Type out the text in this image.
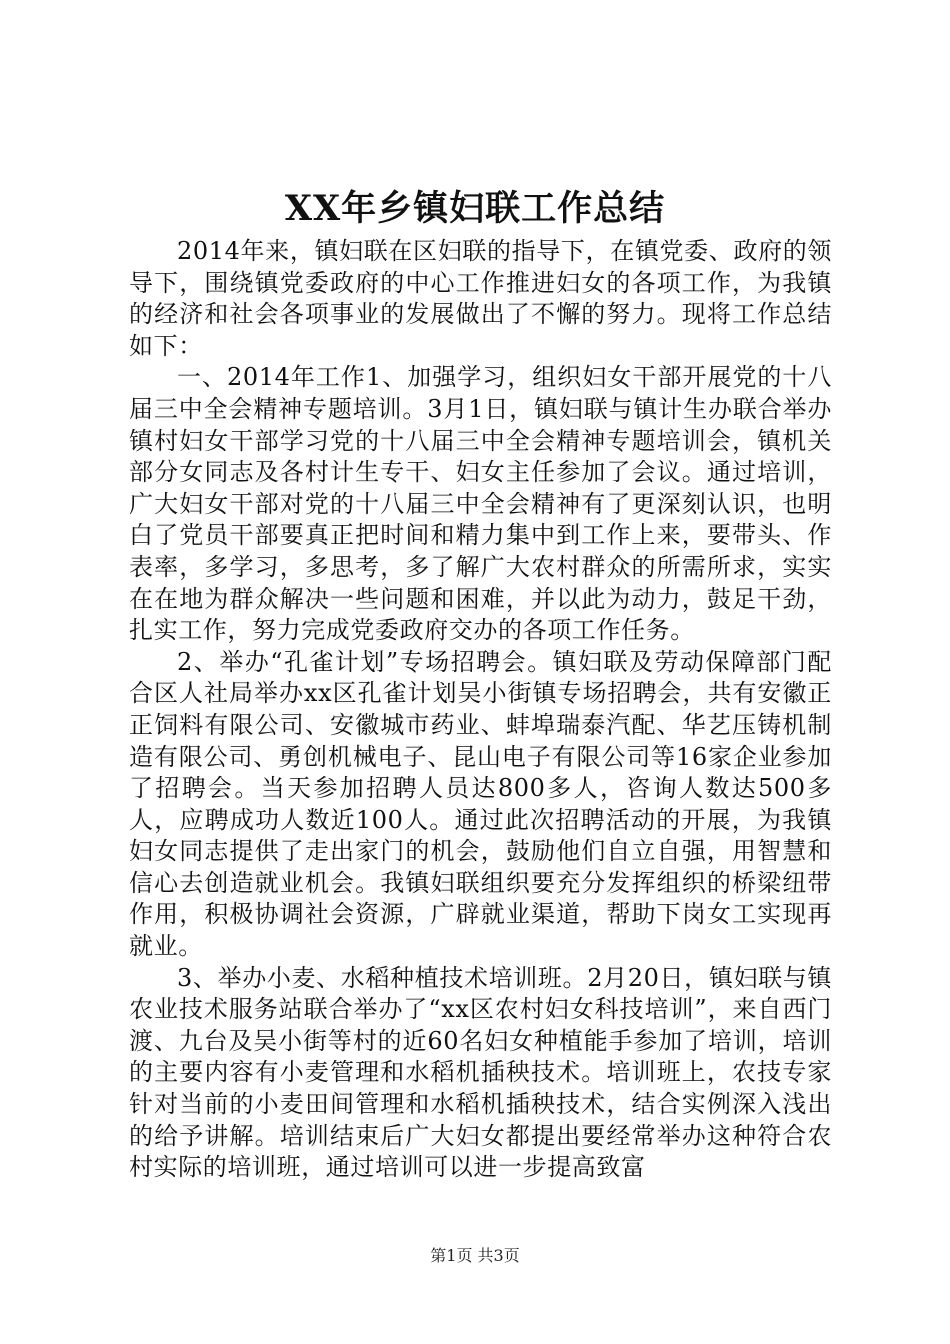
XX年乡镇妇联工作总结

2014年来，镇妇联在区妇联的指导下，在镇党委、政府的领导下，围绕镇党委政府的中心工作推进妇女的各项工作，为我镇的经济和社会各项事业的发展做出了不懈的努力。现将工作总结如下：

一、2014年工作1、加强学习，组织妇女干部开展党的十八届三中全会精神专题培训。3月1日，镇妇联与镇计生办联合举办镇村妇女干部学习党的十八届三中全会精神专题培训会，镇机关部分女同志及各村计生专干、妇女主任参加了会议。通过培训，广大妇女干部对党的十八届三中全会精神有了更深刻认识，也明白了党员干部要真正把时间和精力集中到工作上来，要带头、作表率，多学习，多思考，多了解广大农村群众的所需所求，实实在在地为群众解决一些问题和困难，并以此为动力，鼓足干劲，扎实工作，努力完成党委政府交办的各项工作任务。

2、举办“孔雀计划”专场招聘会。镇妇联及劳动保障部门配合区人社局举办xx区孔雀计划吴小街镇专场招聘会，共有安徽正正饲料有限公司、安徽城市药业、蚌埠瑞泰汽配、华艺压铸机制造有限公司、勇创机械电子、昆山电子有限公司等16家企业参加了招聘会。当天参加招聘人员达800多人，咨询人数达500多人，应聘成功人数近100人。通过此次招聘活动的开展，为我镇妇女同志提供了走出家门的机会，鼓励他们自立自强，用智慧和信心去创造就业机会。我镇妇联组织要充分发挥组织的桥梁纽带作用，积极协调社会资源，广辟就业渠道，帮助下岗女工实现再就业。

3、举办小麦、水稻种植技术培训班。2月20日，镇妇联与镇农业技术服务站联合举办了“xx区农村妇女科技培训”，来自西门渡、九台及吴小街等村的近60名妇女种植能手参加了培训，培训的主要内容有小麦管理和水稻机插秧技术。培训班上，农技专家针对当前的小麦田间管理和水稻机插秧技术，结合实例深入浅出的给予讲解。培训结束后广大妇女都提出要经常举办这种符合农村实际的培训班，通过培训可以进一步提高致富

第1页 共3页
